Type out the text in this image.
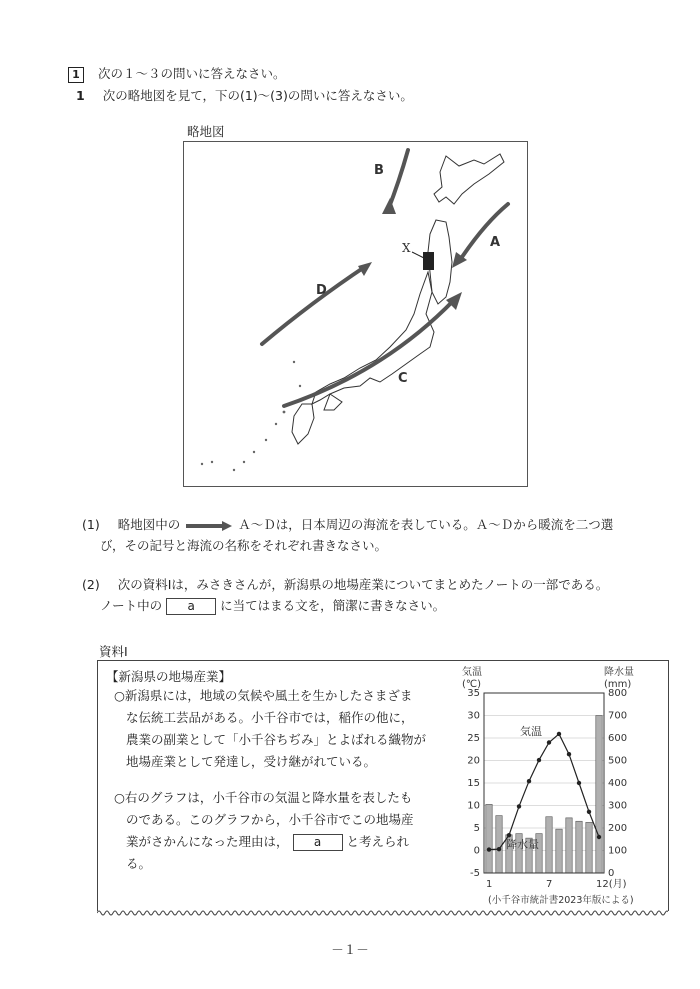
1 次の１～３の問いに答えなさい。
1 次の略地図を見て，下の(1)～(3)の問いに答えなさい。
略地図
B
A
D
C
X
(1) 略地図中の	Ａ～Ｄは，日本周辺の海流を表している。Ａ～Ｄから暖流を二つ選
び，その記号と海流の名称をそれぞれ書きなさい。
(2) 次の資料Ⅰは，みさきさんが，新潟県の地場産業についてまとめたノートの一部である。
ノート中の a に当てはまる文を，簡潔に書きなさい。
資料Ⅰ
【新潟県の地場産業】
○新潟県には，地域の気候や風土を生かしたさまざま
な伝統工芸品がある。小千谷市では，稲作の他に，
農業の副業として「小千谷ちぢみ」とよばれる織物が
地場産業として発達し，受け継がれている。
○右のグラフは，小千谷市の気温と降水量を表したも
のである。このグラフから，小千谷市でこの地場産
業がさかんになった理由は， a と考えられ
る。
気温
(℃)
降水量
(mm)
35
30
25
20
15
10
5
0
-5
800
700
600
500
400
300
200
100
0
1	7	12(月)
気温
降水量
(小千谷市統計書2023年版による)
－１－
